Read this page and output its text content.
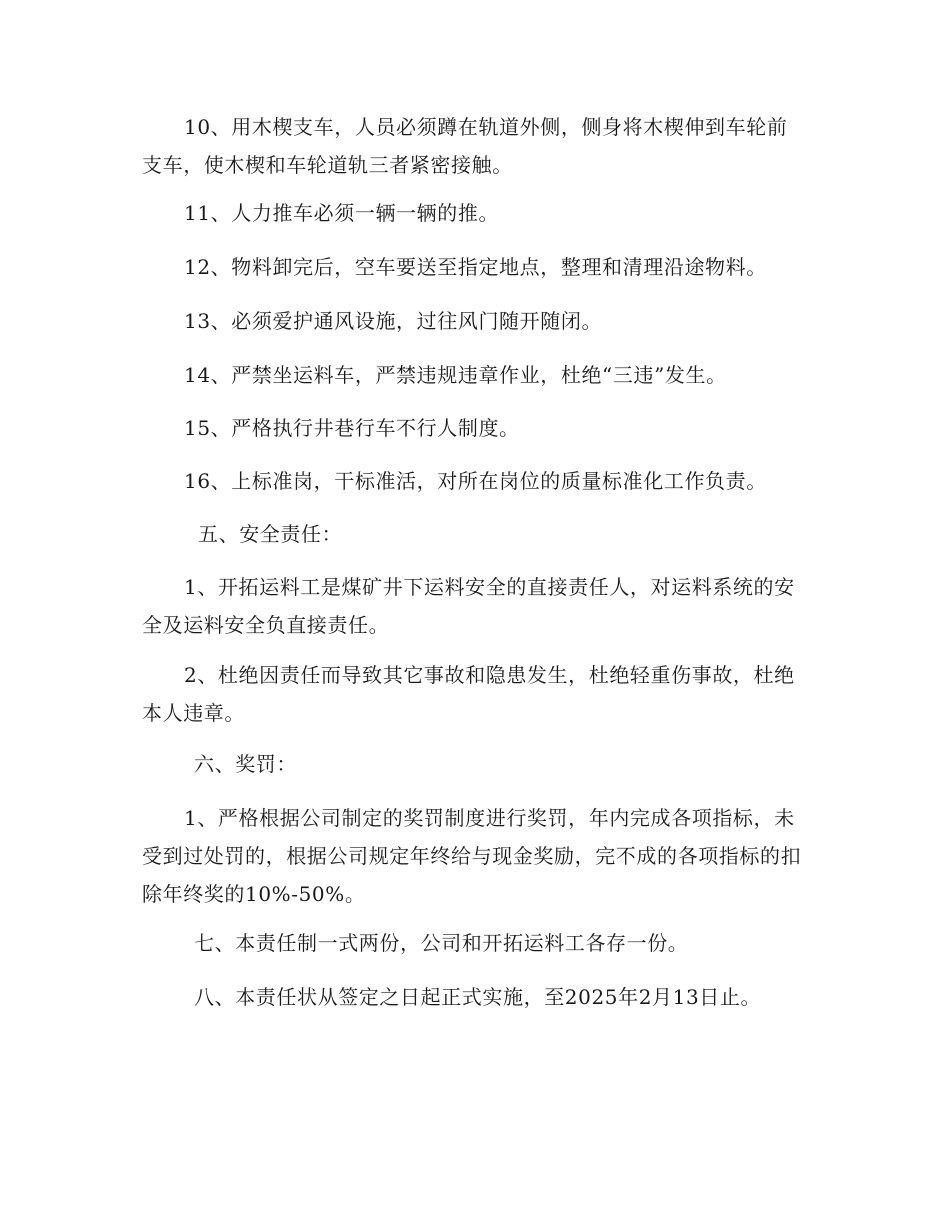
10、用木楔支车，人员必须蹲在轨道外侧，侧身将木楔伸到车轮前支车，使木楔和车轮道轨三者紧密接触。

11、人力推车必须一辆一辆的推。

12、物料卸完后，空车要送至指定地点，整理和清理沿途物料。

13、必须爱护通风设施，过往风门随开随闭。

14、严禁坐运料车，严禁违规违章作业，杜绝“三违”发生。

15、严格执行井巷行车不行人制度。

16、上标准岗，干标准活，对所在岗位的质量标准化工作负责。

五、安全责任：

1、开拓运料工是煤矿井下运料安全的直接责任人，对运料系统的安全及运料安全负直接责任。

2、杜绝因责任而导致其它事故和隐患发生，杜绝轻重伤事故，杜绝本人违章。

六、奖罚：

1、严格根据公司制定的奖罚制度进行奖罚，年内完成各项指标，未受到过处罚的，根据公司规定年终给与现金奖励，完不成的各项指标的扣除年终奖的10%-50%。

七、本责任制一式两份，公司和开拓运料工各存一份。

八、本责任状从签定之日起正式实施，至2025年2月13日止。
